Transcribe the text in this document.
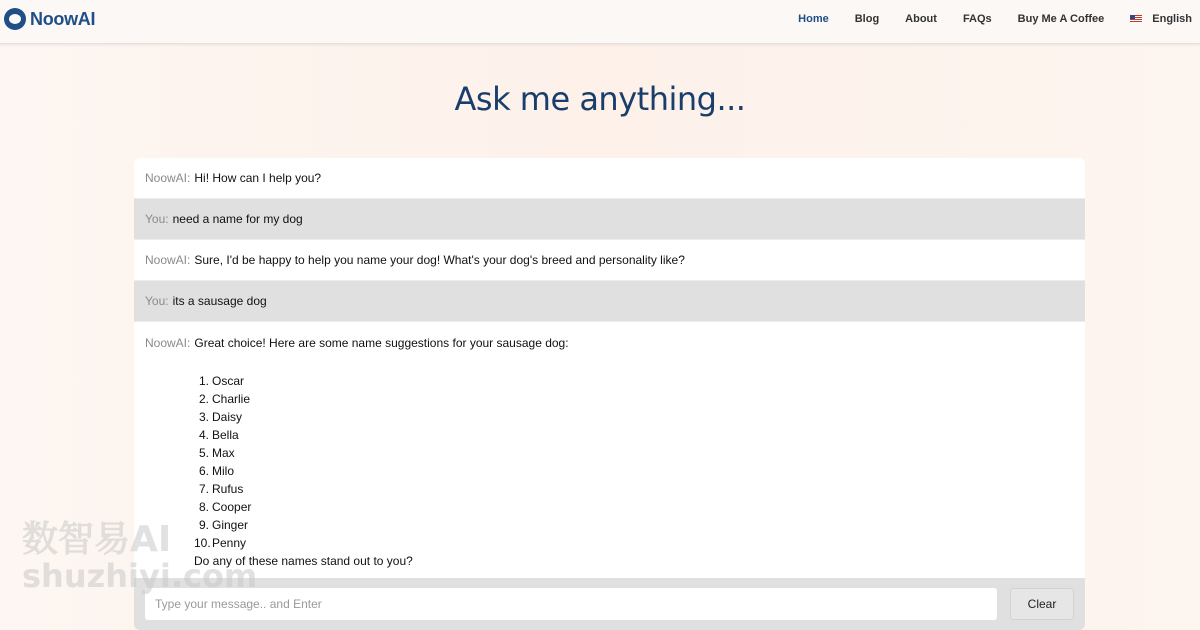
NoowAI	Home Blog About FAQs Buy Me A Coffee	English
Ask me anything...
NoowAI: Hi! How can I help you?
You: need a name for my dog
NoowAI: Sure, I'd be happy to help you name your dog! What's your dog's breed and personality like?
You: its a sausage dog
NoowAI: Great choice! Here are some name suggestions for your sausage dog:
1. Oscar
2. Charlie
3. Daisy
4. Bella
5. Max
6. Milo
7. Rufus
8. Cooper
9. Ginger
10. Penny
Do any of these names stand out to you?
Type your message.. and Enter
Clear
数智易AI
shuzhiyi.com
